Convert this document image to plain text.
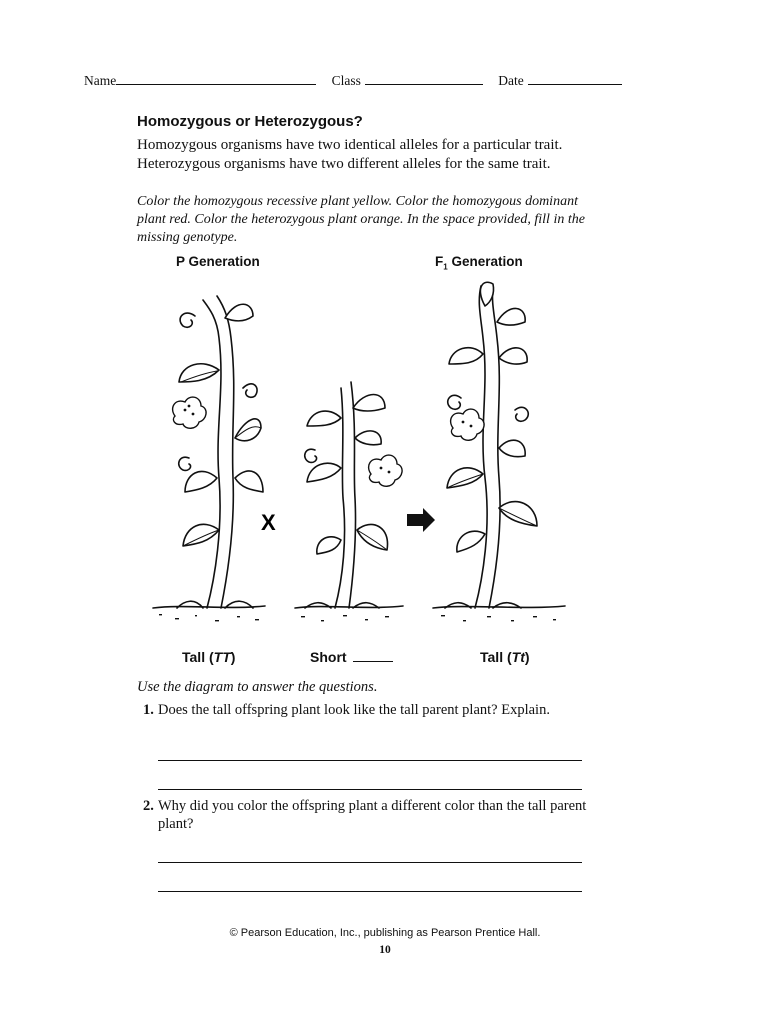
Name	Class	Date
Homozygous or Heterozygous?
Homozygous organisms have two identical alleles for a particular trait. Heterozygous organisms have two different alleles for the same trait.
Color the homozygous recessive plant yellow. Color the homozygous dominant plant red. Color the heterozygous plant orange. In the space provided, fill in the missing genotype.
P Generation	$F_1$ Generation
X
Tall (TT)	Short	Tall (Tt)
Use the diagram to answer the questions.
1. Does the tall offspring plant look like the tall parent plant? Explain.
2. Why did you color the offspring plant a different color than the tall parent plant?
© Pearson Education, Inc., publishing as Pearson Prentice Hall.
10
